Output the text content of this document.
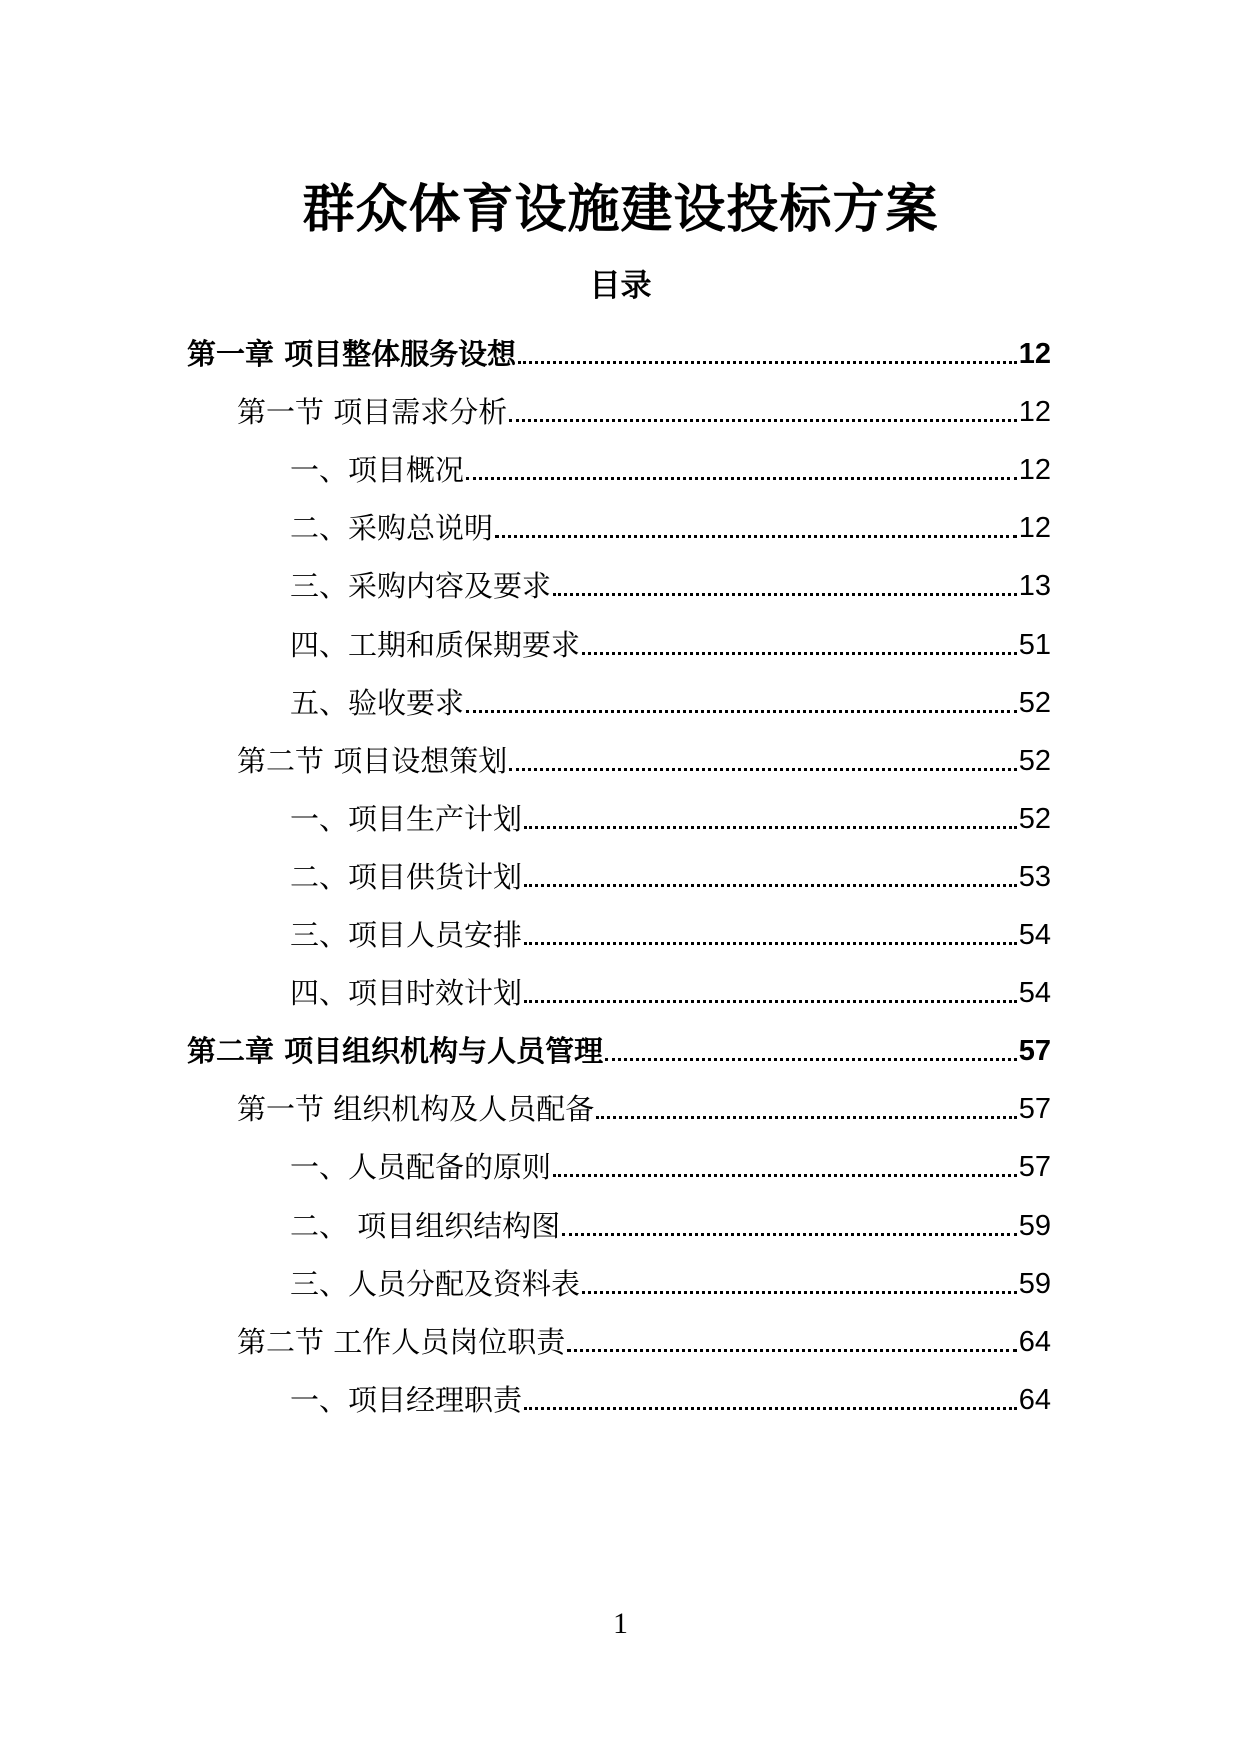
群众体育设施建设投标方案
目录
第一章 项目整体服务设想	12
第一节 项目需求分析	12
一、项目概况	12
二、采购总说明	12
三、采购内容及要求	13
四、工期和质保期要求	51
五、验收要求	52
第二节 项目设想策划	52
一、项目生产计划	52
二、项目供货计划	53
三、项目人员安排	54
四、项目时效计划	54
第二章 项目组织机构与人员管理	57
第一节 组织机构及人员配备	57
一、人员配备的原则	57
二、 项目组织结构图	59
三、人员分配及资料表	59
第二节 工作人员岗位职责	64
一、项目经理职责	64
1
